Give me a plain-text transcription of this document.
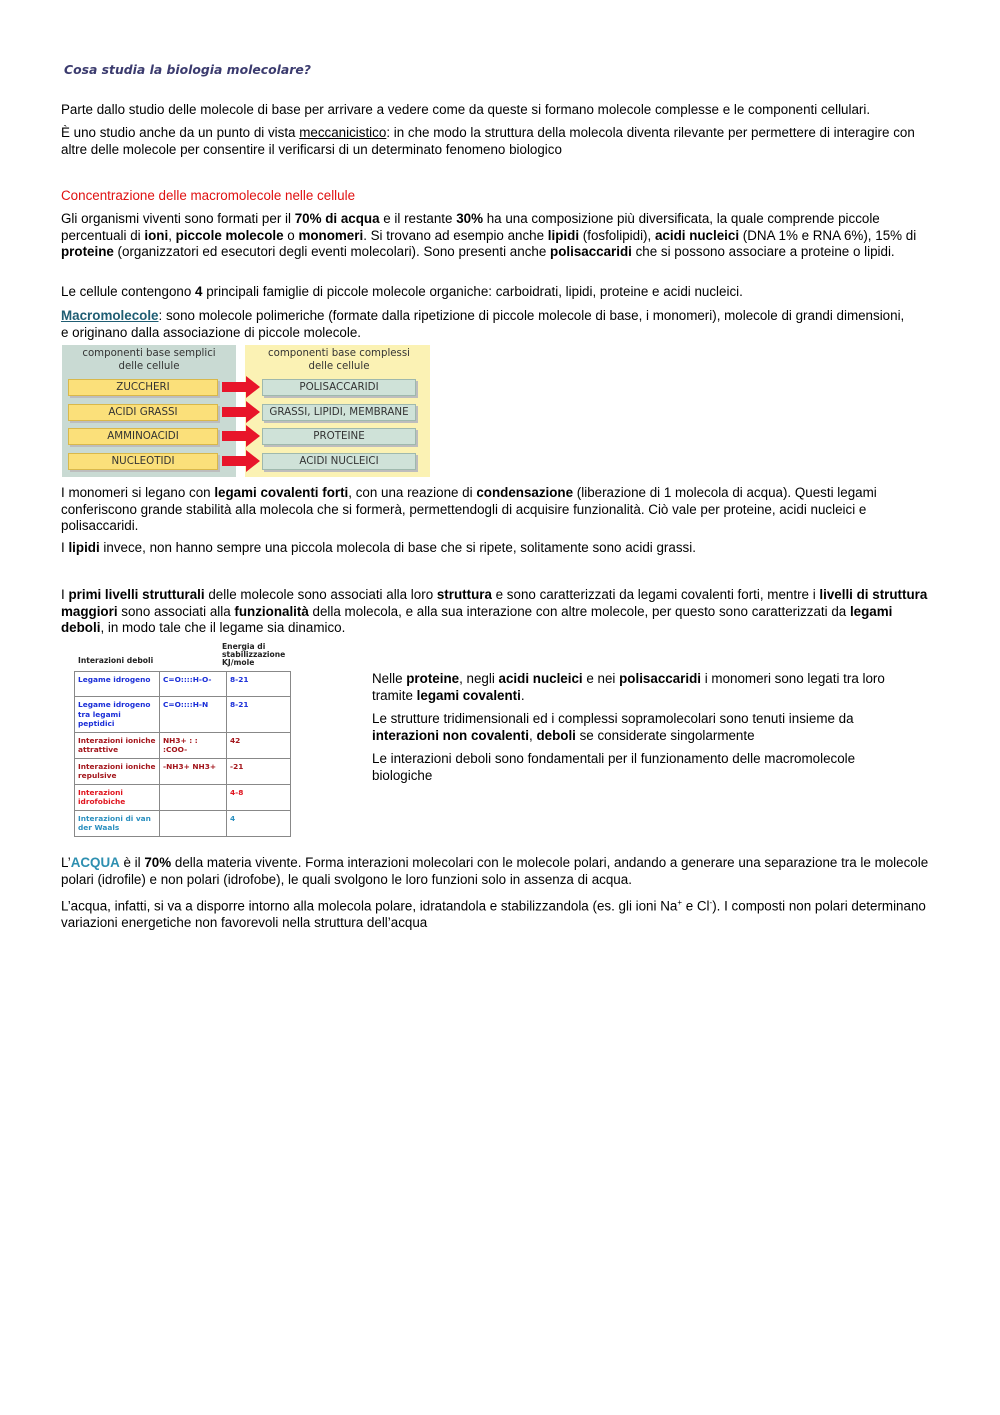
Cosa studia la biologia molecolare?

Parte dallo studio delle molecole di base per arrivare a vedere come da queste si formano molecole complesse e le componenti cellulari.

È uno studio anche da un punto di vista meccanicistico: in che modo la struttura della molecola diventa rilevante per permettere di interagire con altre delle molecole per consentire il verificarsi di un determinato fenomeno biologico

Concentrazione delle macromolecole nelle cellule

Gli organismi viventi sono formati per il 70% di acqua e il restante 30% ha una composizione più diversificata, la quale comprende piccole percentuali di ioni, piccole molecole o monomeri. Si trovano ad esempio anche lipidi (fosfolipidi), acidi nucleici (DNA 1% e RNA 6%), 15% di proteine (organizzatori ed esecutori degli eventi molecolari). Sono presenti anche polisaccaridi che si possono associare a proteine o lipidi.

Le cellule contengono 4 principali famiglie di piccole molecole organiche: carboidrati, lipidi, proteine e acidi nucleici.

Macromolecole: sono molecole polimeriche (formate dalla ripetizione di piccole molecole di base, i monomeri), molecole di grandi dimensioni, e originano dalla associazione di piccole molecole.

componenti base semplici delle cellule
componenti base complessi delle cellule
ZUCCHERI	POLISACCARIDI
ACIDI GRASSI	GRASSI, LIPIDI, MEMBRANE
AMMINOACIDI	PROTEINE
NUCLEOTIDI	ACIDI NUCLEICI

I monomeri si legano con legami covalenti forti, con una reazione di condensazione (liberazione di 1 molecola di acqua). Questi legami conferiscono grande stabilità alla molecola che si formerà, permettendogli di acquisire funzionalità. Ciò vale per proteine, acidi nucleici e polisaccaridi.

I lipidi invece, non hanno sempre una piccola molecola di base che si ripete, solitamente sono acidi grassi.

I primi livelli strutturali delle molecole sono associati alla loro struttura e sono caratterizzati da legami covalenti forti, mentre i livelli di struttura maggiori sono associati alla funzionalità della molecola, e alla sua interazione con altre molecole, per questo sono caratterizzati da legami deboli, in modo tale che il legame sia dinamico.

Interazioni deboli
Energia di stabilizzazione KJ/mole
Legame idrogeno	C=O::::H-O-	8-21
Legame idrogeno tra legami peptidici	C=O::::H-N	8-21
Interazioni ioniche attrattive	NH3+ : : :COO-	42
Interazioni ioniche repulsive	-NH3+ NH3+	-21
Interazioni idrofobiche		4-8
Interazioni di van der Waals		4

Nelle proteine, negli acidi nucleici e nei polisaccaridi i monomeri sono legati tra loro tramite legami covalenti.

Le strutture tridimensionali ed i complessi sopramolecolari sono tenuti insieme da interazioni non covalenti, deboli se considerate singolarmente

Le interazioni deboli sono fondamentali per il funzionamento delle macromolecole biologiche

L’ACQUA è il 70% della materia vivente. Forma interazioni molecolari con le molecole polari, andando a generare una separazione tra le molecole polari (idrofile) e non polari (idrofobe), le quali svolgono le loro funzioni solo in assenza di acqua.

L’acqua, infatti, si va a disporre intorno alla molecola polare, idratandola e stabilizzandola (es. gli ioni Na+ e Cl-). I composti non polari determinano variazioni energetiche non favorevoli nella struttura dell’acqua
